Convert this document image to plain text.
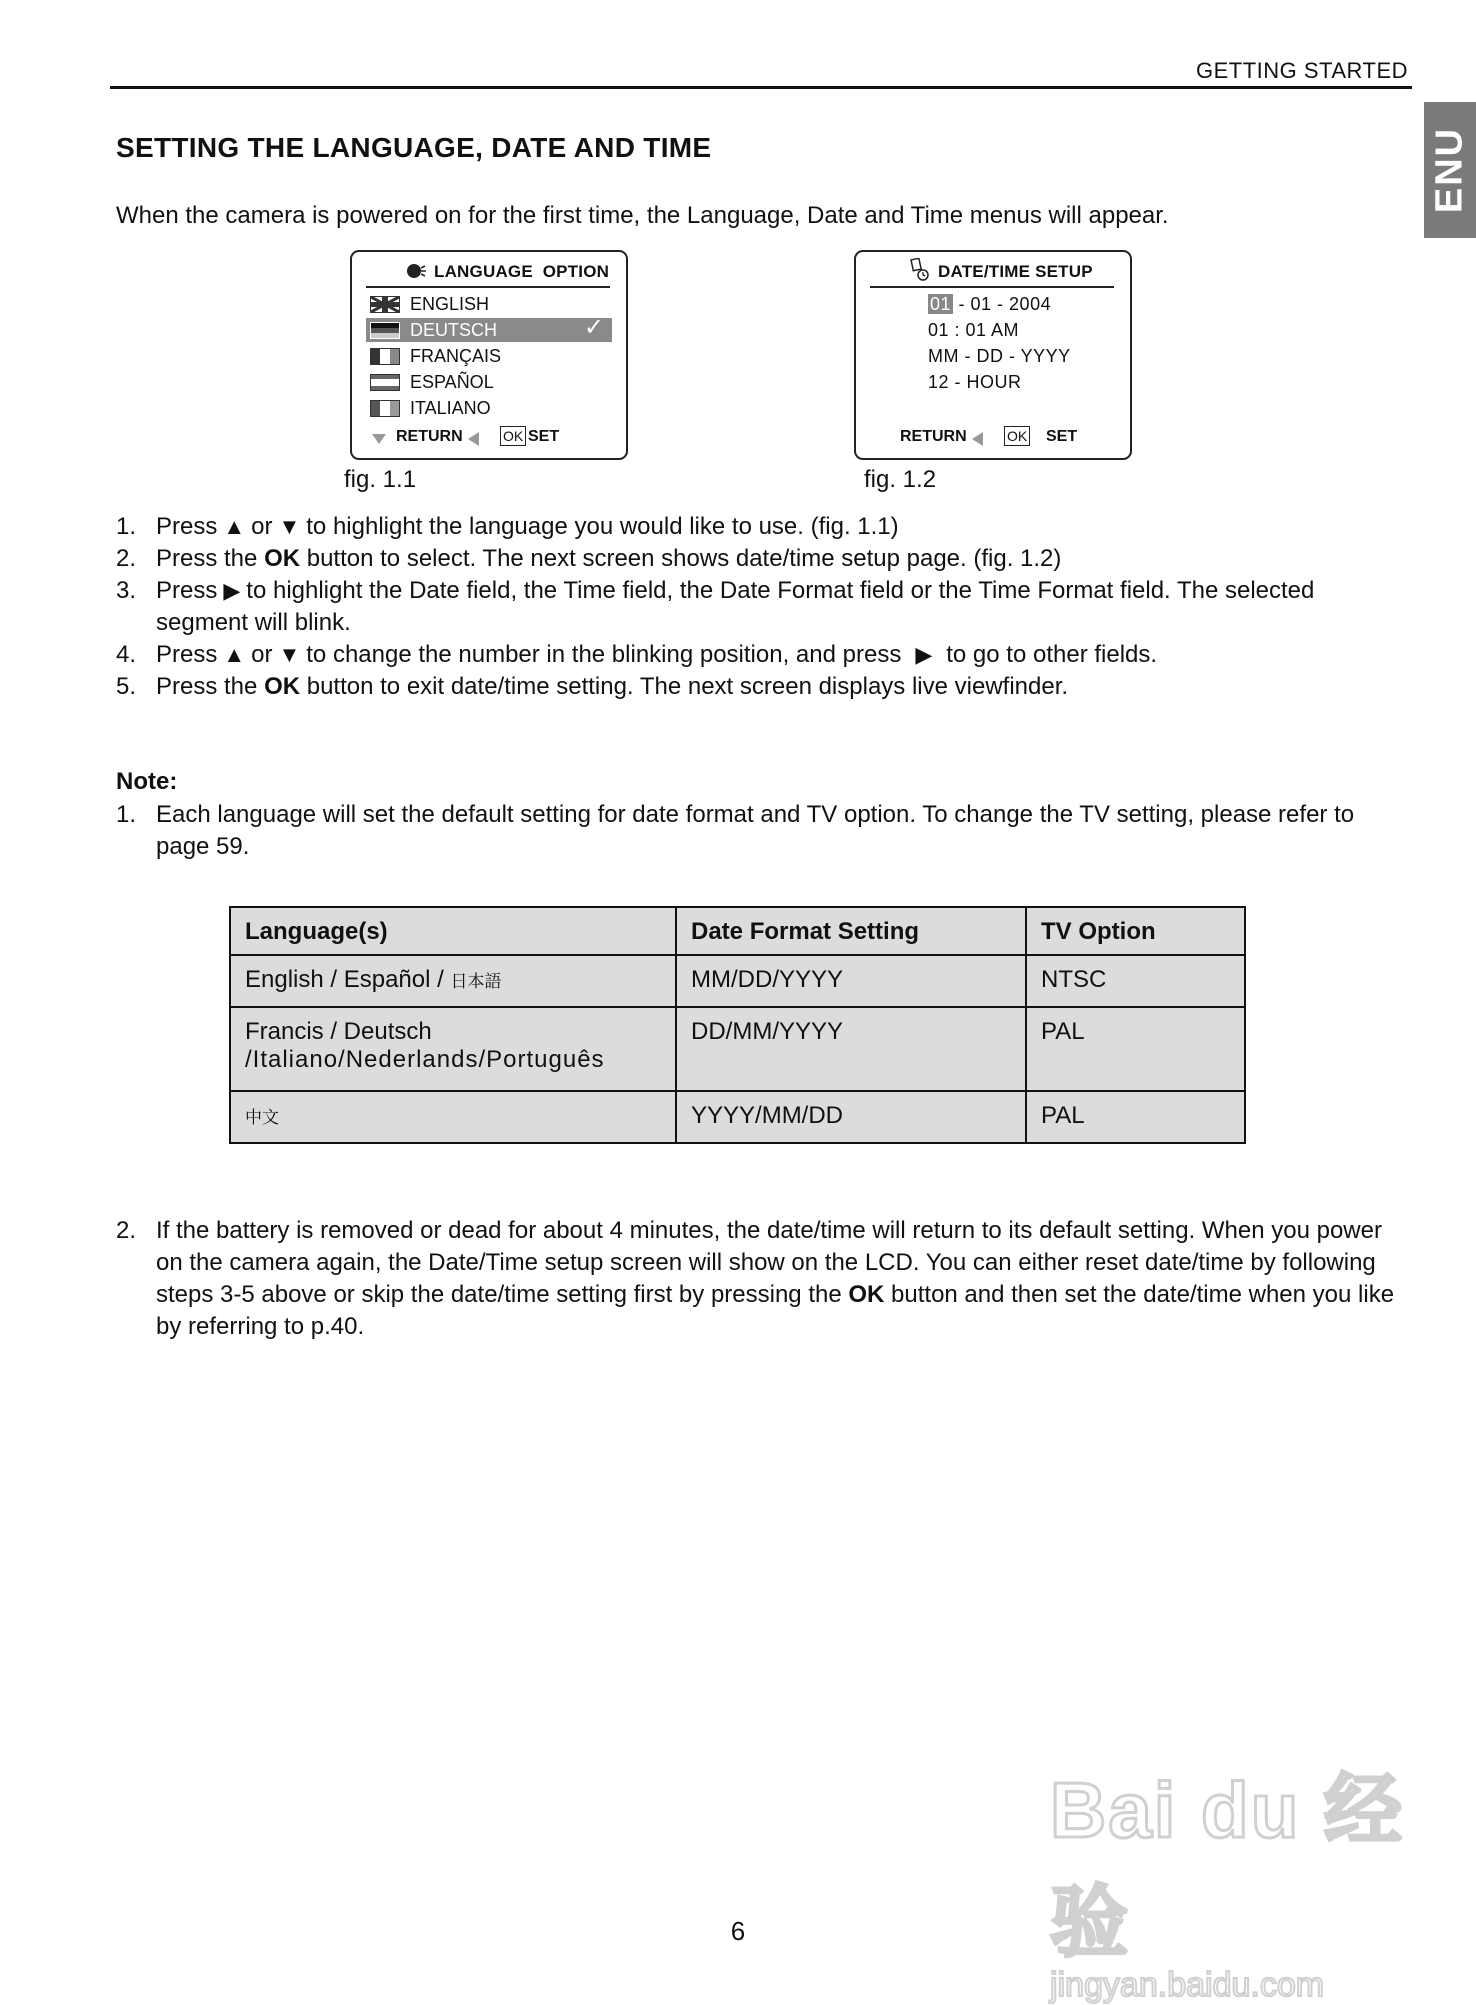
GETTING STARTED
ENU
SETTING THE LANGUAGE, DATE AND TIME
When the camera is powered on for the first time, the Language, Date and Time menus will appear.
LANGUAGE  OPTION
ENGLISH
DEUTSCH	✓
FRANÇAIS
ESPAÑOL
ITALIANO
RETURN	OK SET
fig. 1.1
DATE/TIME SETUP
01 - 01 - 2004
01 : 01 AM
MM - DD - YYYY
12 - HOUR
RETURN	OK SET
fig. 1.2
1. Press ▲ or ▼ to highlight the language you would like to use. (fig. 1.1)
2. Press the OK button to select. The next screen shows date/time setup page. (fig. 1.2)
3. Press ▶ to highlight the Date field, the Time field, the Date Format field or the Time Format field. The selected segment will blink.
4. Press ▲ or ▼ to change the number in the blinking position, and press ▶ to go to other fields.
5. Press the OK button to exit date/time setting. The next screen displays live viewfinder.
Note:
1. Each language will set the default setting for date format and TV option. To change the TV setting, please refer to page 59.
Language(s)	Date Format Setting	TV Option
English / Español / 日本語	MM/DD/YYYY	NTSC

Francis / Deutsch
/Italiano/Nederlands/Português	DD/MM/YYYY	PAL
中文	YYYY/MM/DD	PAL
2. If the battery is removed or dead for about 4 minutes, the date/time will return to its default setting. When you power on the camera again, the Date/Time setup screen will show on the LCD. You can either reset date/time by following steps 3-5 above or skip the date/time setting first by pressing the OK button and then set the date/time when you like by referring to p.40.
Bai du 经验
jingyan.baidu.com
6
